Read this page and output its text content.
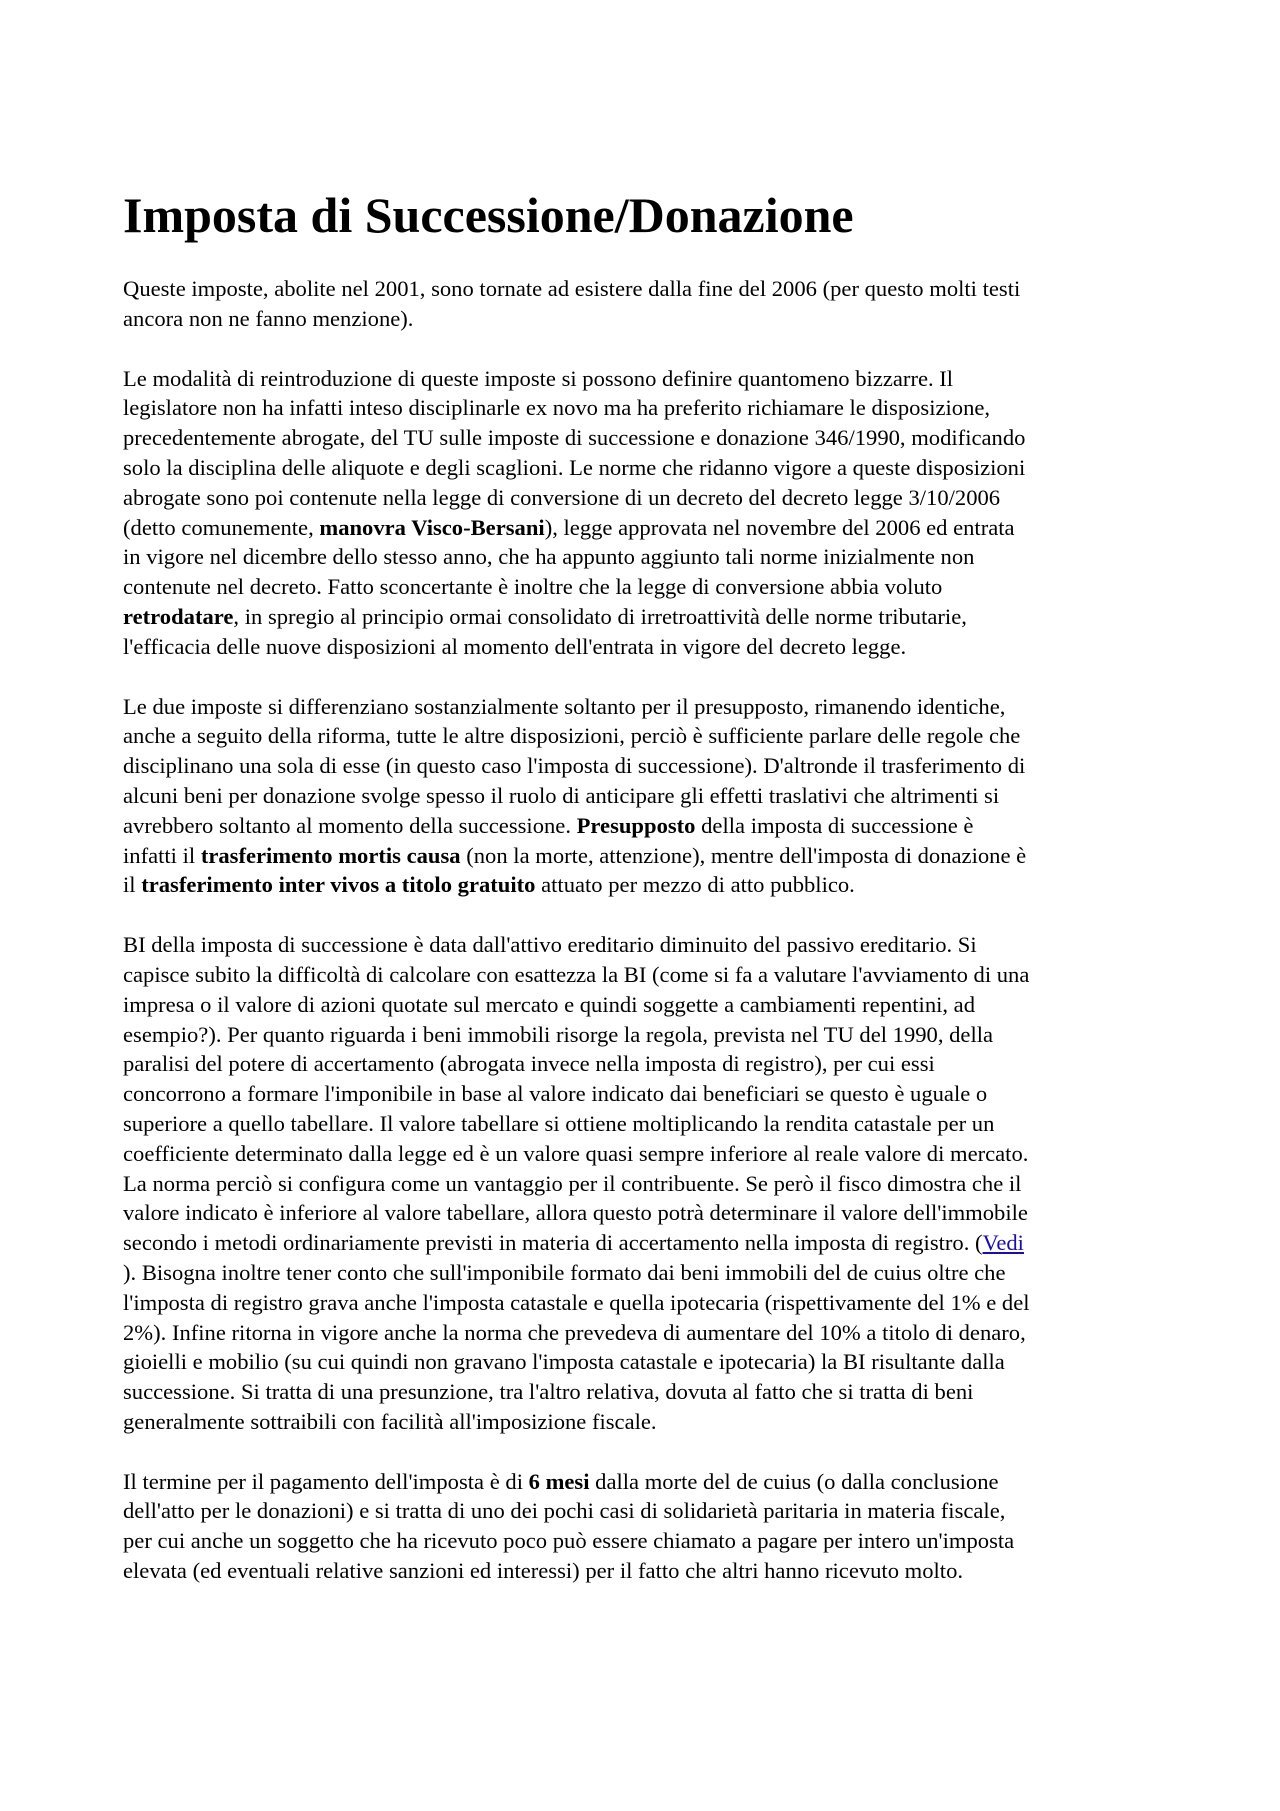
Imposta di Successione/Donazione

Queste imposte, abolite nel 2001, sono tornate ad esistere dalla fine del 2006 (per questo molti testi
ancora non ne fanno menzione).

Le modalità di reintroduzione di queste imposte si possono definire quantomeno bizzarre. Il
legislatore non ha infatti inteso disciplinarle ex novo ma ha preferito richiamare le disposizione,
precedentemente abrogate, del TU sulle imposte di successione e donazione 346/1990, modificando
solo la disciplina delle aliquote e degli scaglioni. Le norme che ridanno vigore a queste disposizioni
abrogate sono poi contenute nella legge di conversione di un decreto del decreto legge 3/10/2006
(detto comunemente, manovra Visco-Bersani), legge approvata nel novembre del 2006 ed entrata
in vigore nel dicembre dello stesso anno, che ha appunto aggiunto tali norme inizialmente non
contenute nel decreto. Fatto sconcertante è inoltre che la legge di conversione abbia voluto
retrodatare, in spregio al principio ormai consolidato di irretroattività delle norme tributarie,
l'efficacia delle nuove disposizioni al momento dell'entrata in vigore del decreto legge.

Le due imposte si differenziano sostanzialmente soltanto per il presupposto, rimanendo identiche,
anche a seguito della riforma, tutte le altre disposizioni, perciò è sufficiente parlare delle regole che
disciplinano una sola di esse (in questo caso l'imposta di successione). D'altronde il trasferimento di
alcuni beni per donazione svolge spesso il ruolo di anticipare gli effetti traslativi che altrimenti si
avrebbero soltanto al momento della successione. Presupposto della imposta di successione è
infatti il trasferimento mortis causa (non la morte, attenzione), mentre dell'imposta di donazione è
il trasferimento inter vivos a titolo gratuito attuato per mezzo di atto pubblico.

BI della imposta di successione è data dall'attivo ereditario diminuito del passivo ereditario. Si
capisce subito la difficoltà di calcolare con esattezza la BI (come si fa a valutare l'avviamento di una
impresa o il valore di azioni quotate sul mercato e quindi soggette a cambiamenti repentini, ad
esempio?). Per quanto riguarda i beni immobili risorge la regola, prevista nel TU del 1990, della
paralisi del potere di accertamento (abrogata invece nella imposta di registro), per cui essi
concorrono a formare l'imponibile in base al valore indicato dai beneficiari se questo è uguale o
superiore a quello tabellare. Il valore tabellare si ottiene moltiplicando la rendita catastale per un
coefficiente determinato dalla legge ed è un valore quasi sempre inferiore al reale valore di mercato.
La norma perciò si configura come un vantaggio per il contribuente. Se però il fisco dimostra che il
valore indicato è inferiore al valore tabellare, allora questo potrà determinare il valore dell'immobile
secondo i metodi ordinariamente previsti in materia di accertamento nella imposta di registro. (Vedi
). Bisogna inoltre tener conto che sull'imponibile formato dai beni immobili del de cuius oltre che
l'imposta di registro grava anche l'imposta catastale e quella ipotecaria (rispettivamente del 1% e del
2%). Infine ritorna in vigore anche la norma che prevedeva di aumentare del 10% a titolo di denaro,
gioielli e mobilio (su cui quindi non gravano l'imposta catastale e ipotecaria) la BI risultante dalla
successione. Si tratta di una presunzione, tra l'altro relativa, dovuta al fatto che si tratta di beni
generalmente sottraibili con facilità all'imposizione fiscale.

Il termine per il pagamento dell'imposta è di 6 mesi dalla morte del de cuius (o dalla conclusione
dell'atto per le donazioni) e si tratta di uno dei pochi casi di solidarietà paritaria in materia fiscale,
per cui anche un soggetto che ha ricevuto poco può essere chiamato a pagare per intero un'imposta
elevata (ed eventuali relative sanzioni ed interessi) per il fatto che altri hanno ricevuto molto.
